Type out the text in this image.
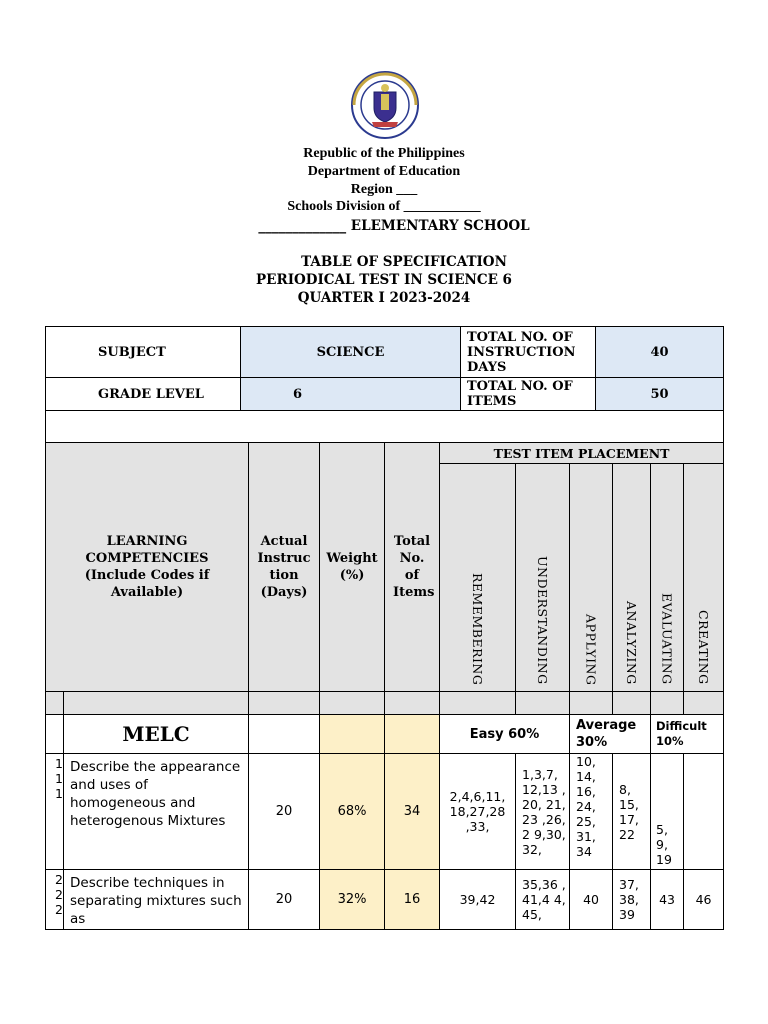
Republic of the Philippines
Department of Education
Region ___
Schools Division of ___________
_____________ ELEMENTARY SCHOOL
TABLE OF SPECIFICATION
PERIODICAL TEST IN SCIENCE 6
QUARTER I 2023-2024
SUBJECT	SCIENCE	TOTAL NO. OF INSTRUCTION DAYS	40
GRADE LEVEL	6	TOTAL NO. OF ITEMS	50

LEARNING COMPETENCIES (Include Codes if Available)		Actual Instruc tion (Days)	Weight (%)	Total No. of Items	TEST ITEM PLACEMENT					

					REMEMBERING	UNDERSTANDING	APPLYING	ANALYZING	EVALUATING	CREATING

	MELC				Easy 60%		Average 30%		Difficult 10%	
1 1 1	Describe the appearance and uses of homogeneous and heterogenous Mixtures	20	68%	34	2,4,6,11, 18,27,28 ,33,	1,3,7, 12,13 ,20, 21,23 ,26,2 9,30, 32,	10, 14, 16, 24, 25, 31, 34	8, 15, 17, 22	5, 9, 19	
2 2 2	Describe techniques in separating mixtures such as	20	32%	16	39,42	35,36 ,41,4 4,45,	40	37, 38, 39	43	46
